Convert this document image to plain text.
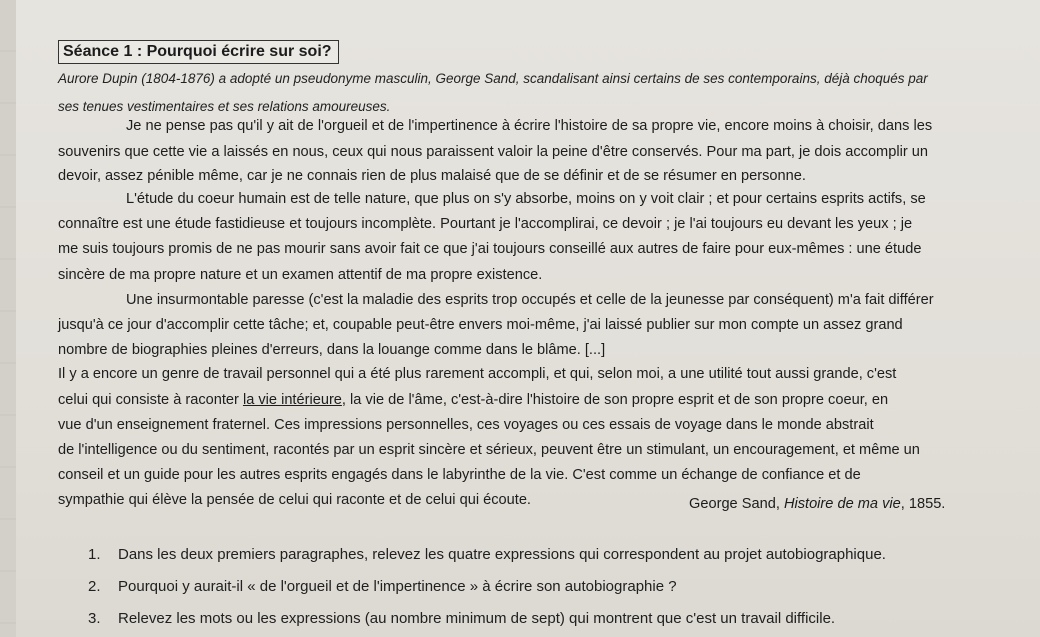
Séance 1 : Pourquoi écrire sur soi?
Aurore Dupin (1804-1876) a adopté un pseudonyme masculin, George Sand, scandalisant ainsi certains de ses contemporains, déjà choqués par
ses tenues vestimentaires et ses relations amoureuses.
Je ne pense pas qu'il y ait de l'orgueil et de l'impertinence à écrire l'histoire de sa propre vie, encore moins à choisir, dans les
souvenirs que cette vie a laissés en nous, ceux qui nous paraissent valoir la peine d'être conservés. Pour ma part, je dois accomplir un
devoir, assez pénible même, car je ne connais rien de plus malaisé que de se définir et de se résumer en personne.
L'étude du coeur humain est de telle nature, que plus on s'y absorbe, moins on y voit clair ; et pour certains esprits actifs, se
connaître est une étude fastidieuse et toujours incomplète. Pourtant je l'accomplirai, ce devoir ; je l'ai toujours eu devant les yeux ; je
me suis toujours promis de ne pas mourir sans avoir fait ce que j'ai toujours conseillé aux autres de faire pour eux-mêmes : une étude
sincère de ma propre nature et un examen attentif de ma propre existence.
Une insurmontable paresse (c'est la maladie des esprits trop occupés et celle de la jeunesse par conséquent) m'a fait différer
jusqu'à ce jour d'accomplir cette tâche; et, coupable peut-être envers moi-même, j'ai laissé publier sur mon compte un assez grand
nombre de biographies pleines d'erreurs, dans la louange comme dans le blâme. [...]
Il y a encore un genre de travail personnel qui a été plus rarement accompli, et qui, selon moi, a une utilité tout aussi grande, c'est
celui qui consiste à raconter la vie intérieure, la vie de l'âme, c'est-à-dire l'histoire de son propre esprit et de son propre coeur, en
vue d'un enseignement fraternel. Ces impressions personnelles, ces voyages ou ces essais de voyage dans le monde abstrait
de l'intelligence ou du sentiment, racontés par un esprit sincère et sérieux, peuvent être un stimulant, un encouragement, et même un
conseil et un guide pour les autres esprits engagés dans le labyrinthe de la vie. C'est comme un échange de confiance et de
sympathie qui élève la pensée de celui qui raconte et de celui qui écoute.	George Sand, Histoire de ma vie, 1855.
1. Dans les deux premiers paragraphes, relevez les quatre expressions qui correspondent au projet autobiographique.
2. Pourquoi y aurait-il « de l'orgueil et de l'impertinence » à écrire son autobiographie ?
3. Relevez les mots ou les expressions (au nombre minimum de sept) qui montrent que c'est un travail difficile.
